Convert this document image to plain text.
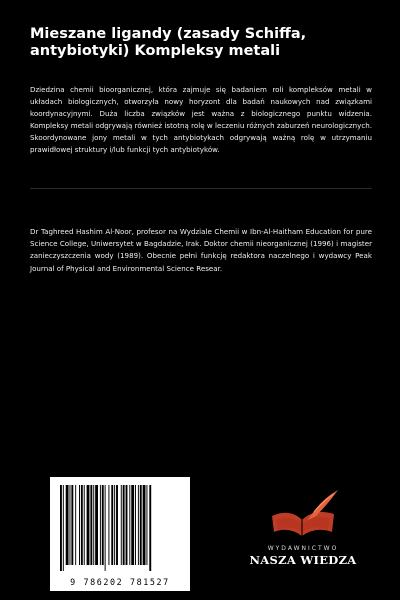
Mieszane ligandy (zasady Schiffa, antybiotyki) Kompleksy metali

Dziedzina chemii bioorganicznej, która zajmuje się badaniem roli kompleksów metali w układach biologicznych, otworzyła nowy horyzont dla badań naukowych nad związkami koordynacyjnymi. Duża liczba związków jest ważna z biologicznego punktu widzenia. Kompleksy metali odgrywają również istotną rolę w leczeniu różnych zaburzeń neurologicznych. Skoordynowane jony metali w tych antybiotykach odgrywają ważną rolę w utrzymaniu prawidłowej struktury i/lub funkcji tych antybiotyków.

Dr Taghreed Hashim Al-Noor, profesor na Wydziale Chemii w Ibn-Al-Haitham Education for pure Science College, Uniwersytet w Bagdadzie, Irak. Doktor chemii nieorganicznej (1996) i magister zanieczyszczenia wody (1989). Obecnie pełni funkcję redaktora naczelnego i wydawcy Peak Journal of Physical and Environmental Science Resear.

9 786202 781527
WYDAWNICTWO
NASZA WIEDZA
